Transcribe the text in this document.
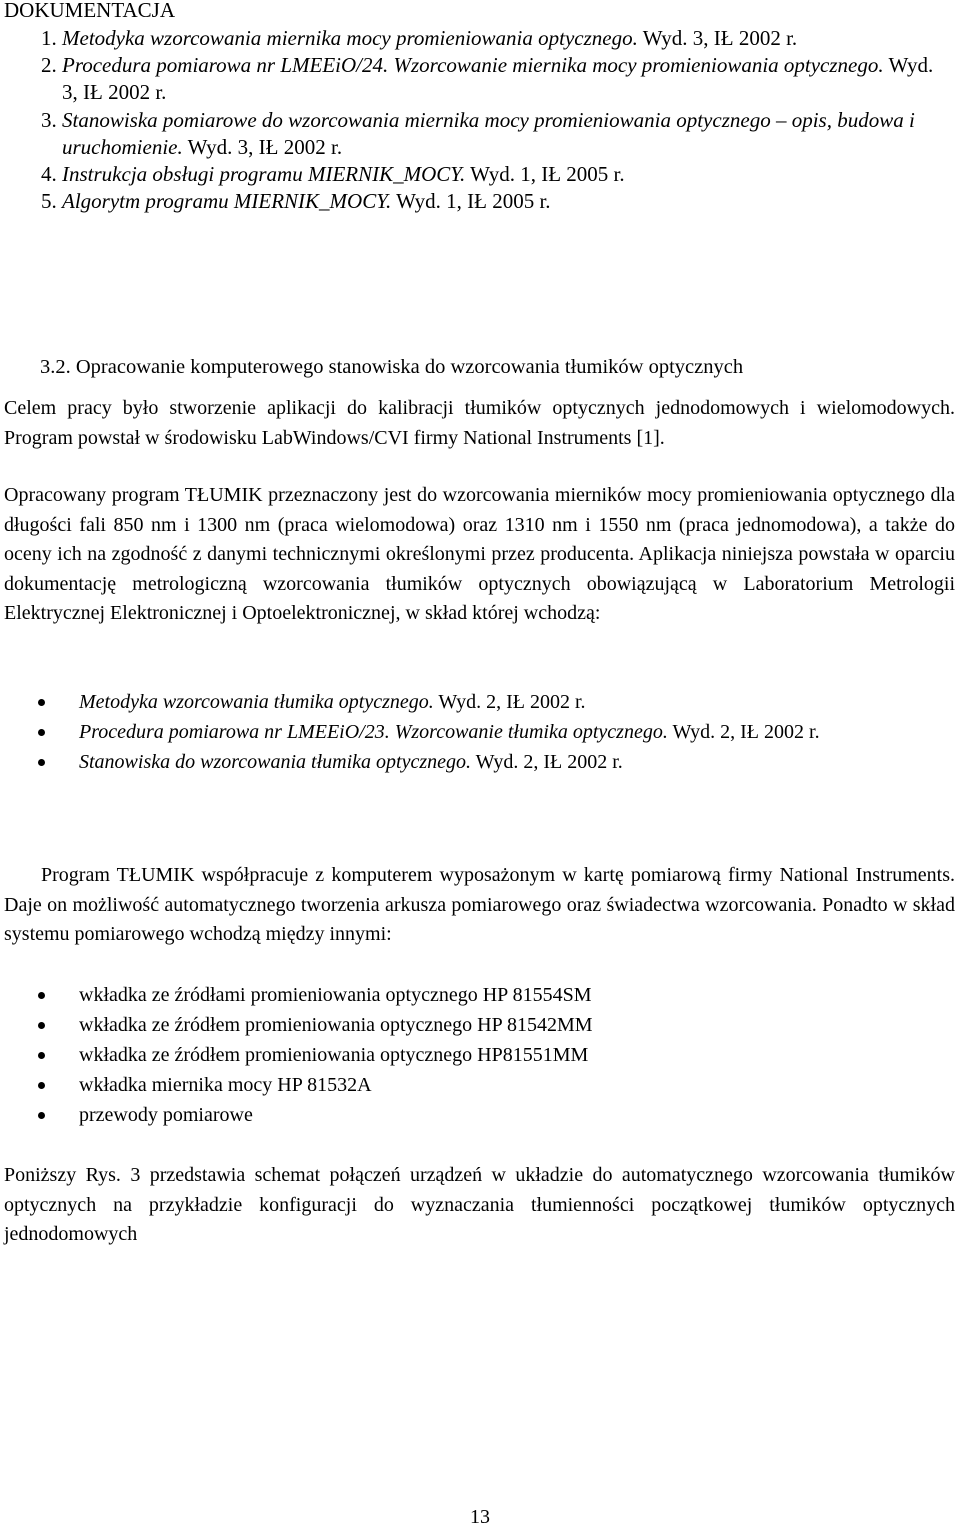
DOKUMENTACJA
1. Metodyka wzorcowania miernika mocy promieniowania optycznego. Wyd. 3, IŁ 2002 r.
2. Procedura pomiarowa nr LMEEiO/24. Wzorcowanie miernika mocy promieniowania optycznego. Wyd. 3, IŁ 2002 r.
3. Stanowiska pomiarowe do wzorcowania miernika mocy promieniowania optycznego – opis, budowa i uruchomienie. Wyd. 3, IŁ 2002 r.
4. Instrukcja obsługi programu MIERNIK_MOCY. Wyd. 1, IŁ 2005 r.
5. Algorytm programu MIERNIK_MOCY. Wyd. 1, IŁ 2005 r.
3.2. Opracowanie komputerowego stanowiska do wzorcowania tłumików optycznych

Celem pracy było stworzenie aplikacji do kalibracji tłumików optycznych jednodomowych i wielomodowych. Program powstał w środowisku LabWindows/CVI firmy National Instruments [1].

Opracowany program TŁUMIK przeznaczony jest do wzorcowania mierników mocy promieniowania optycznego dla długości fali 850 nm i 1300 nm (praca wielomodowa) oraz 1310 nm i 1550 nm (praca jednomodowa), a także do oceny ich na zgodność z danymi technicznymi określonymi przez producenta. Aplikacja niniejsza powstała w oparciu dokumentację metrologiczną wzorcowania tłumików optycznych obowiązującą w Laboratorium Metrologii Elektrycznej Elektronicznej i Optoelektronicznej, w skład której wchodzą:

Metodyka wzorcowania tłumika optycznego. Wyd. 2, IŁ 2002 r.
Procedura pomiarowa nr LMEEiO/23. Wzorcowanie tłumika optycznego. Wyd. 2, IŁ 2002 r.
Stanowiska do wzorcowania tłumika optycznego. Wyd. 2, IŁ 2002 r.

Program TŁUMIK współpracuje z komputerem wyposażonym w kartę pomiarową firmy National Instruments. Daje on możliwość automatycznego tworzenia arkusza pomiarowego oraz świadectwa wzorcowania. Ponadto w skład systemu pomiarowego wchodzą między innymi:

wkładka ze źródłami promieniowania optycznego HP 81554SM
wkładka ze źródłem promieniowania optycznego HP 81542MM
wkładka ze źródłem promieniowania optycznego HP81551MM
wkładka miernika mocy HP 81532A
przewody pomiarowe

Poniższy Rys. 3 przedstawia schemat połączeń urządzeń w układzie do automatycznego wzorcowania tłumików optycznych na przykładzie konfiguracji do wyznaczania tłumienności początkowej tłumików optycznych jednodomowych

13
